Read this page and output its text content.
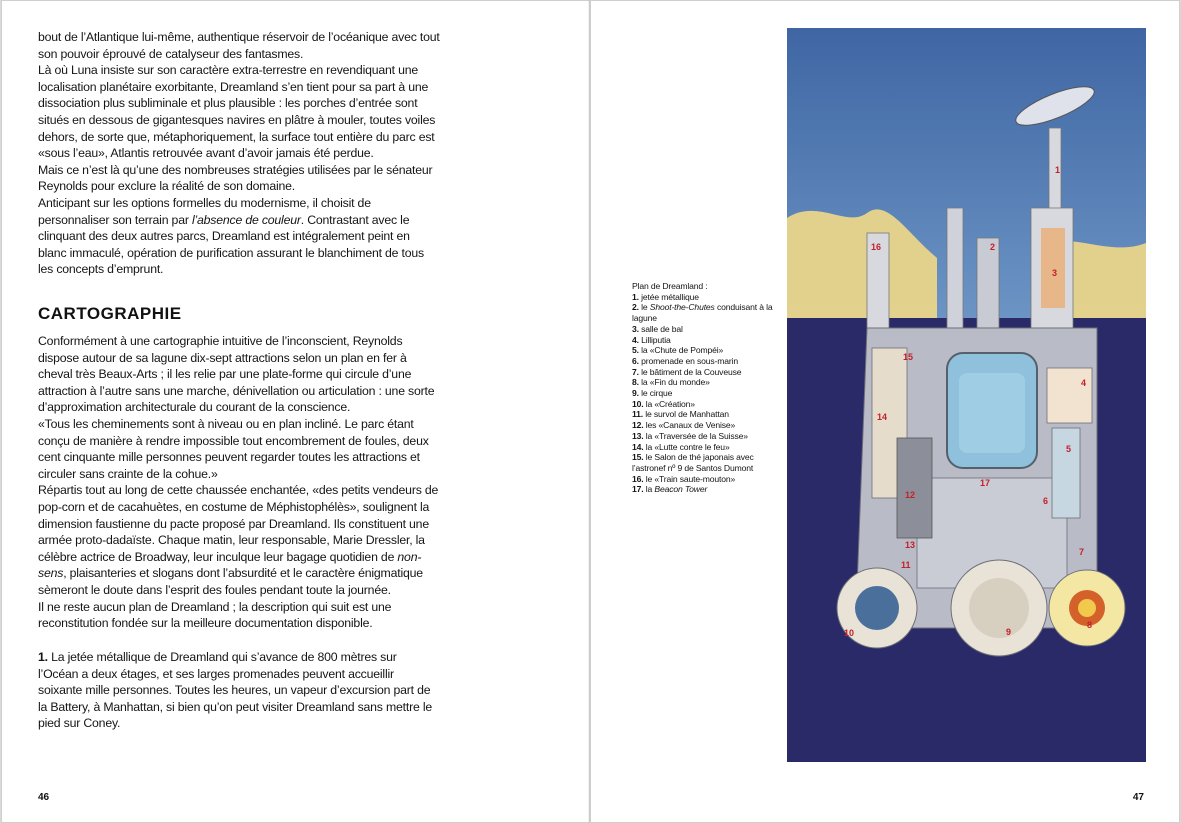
bout de l’Atlantique lui-même, authentique réservoir de l’océanique avec tout son pouvoir éprouvé de catalyseur des fantasmes.

Là où Luna insiste sur son caractère extra-terrestre en revendiquant une localisation planétaire exorbitante, Dreamland s’en tient pour sa part à une dissociation plus subliminale et plus plausible : les porches d’entrée sont situés en dessous de gigantesques navires en plâtre à mouler, toutes voiles dehors, de sorte que, métaphoriquement, la surface tout entière du parc est «sous l’eau», Atlantis retrouvée avant d’avoir jamais été perdue.

Mais ce n’est là qu’une des nombreuses stratégies utilisées par le sénateur Reynolds pour exclure la réalité de son domaine.

Anticipant sur les options formelles du modernisme, il choisit de personnaliser son terrain par l’absence de couleur. Contrastant avec le clinquant des deux autres parcs, Dreamland est intégralement peint en blanc immaculé, opération de purification assurant le blanchiment de tous les concepts d’emprunt.

CARTOGRAPHIE

Conformément à une cartographie intuitive de l’inconscient, Reynolds dispose autour de sa lagune dix-sept attractions selon un plan en fer à cheval très Beaux-Arts ; il les relie par une plate-forme qui circule d’une attraction à l’autre sans une marche, dénivellation ou articulation : une sorte d’approximation architecturale du courant de la conscience.

«Tous les cheminements sont à niveau ou en plan incliné. Le parc étant conçu de manière à rendre impossible tout encombrement de foules, deux cent cinquante mille personnes peuvent regarder toutes les attractions et circuler sans crainte de la cohue.»

Répartis tout au long de cette chaussée enchantée, «des petits vendeurs de pop-corn et de cacahuètes, en costume de Méphistophélès», soulignent la dimension faustienne du pacte proposé par Dreamland. Ils constituent une armée proto-dadaïste. Chaque matin, leur responsable, Marie Dressler, la célèbre actrice de Broadway, leur inculque leur bagage quotidien de non-sens, plaisanteries et slogans dont l’absurdité et le caractère énigmatique sèmeront le doute dans l’esprit des foules pendant toute la journée.

Il ne reste aucun plan de Dreamland ; la description qui suit est une reconstitution fondée sur la meilleure documentation disponible.

1. La jetée métallique de Dreamland qui s’avance de 800 mètres sur l’Océan a deux étages, et ses larges promenades peuvent accueillir soixante mille personnes. Toutes les heures, un vapeur d’excursion part de la Battery, à Manhattan, si bien qu’on peut visiter Dreamland sans mettre le pied sur Coney.

46
Plan de Dreamland :
1. jetée métallique
2. le Shoot-the-Chutes conduisant à la lagune
3. salle de bal
4. Lilliputia
5. la «Chute de Pompéi»
6. promenade en sous-marin
7. le bâtiment de la Couveuse
8. la «Fin du monde»
9. le cirque
10. la «Création»
11. le survol de Manhattan
12. les «Canaux de Venise»
13. la «Traversée de la Suisse»
14. la «Lutte contre le feu»
15. le Salon de thé japonais avec l’astronef nº 9 de Santos Dumont
16. le «Train saute-mouton»
17. la Beacon Tower
1
2
3
4
5
6
7
8
9
10
11
12
13
14
15
16
17
47
